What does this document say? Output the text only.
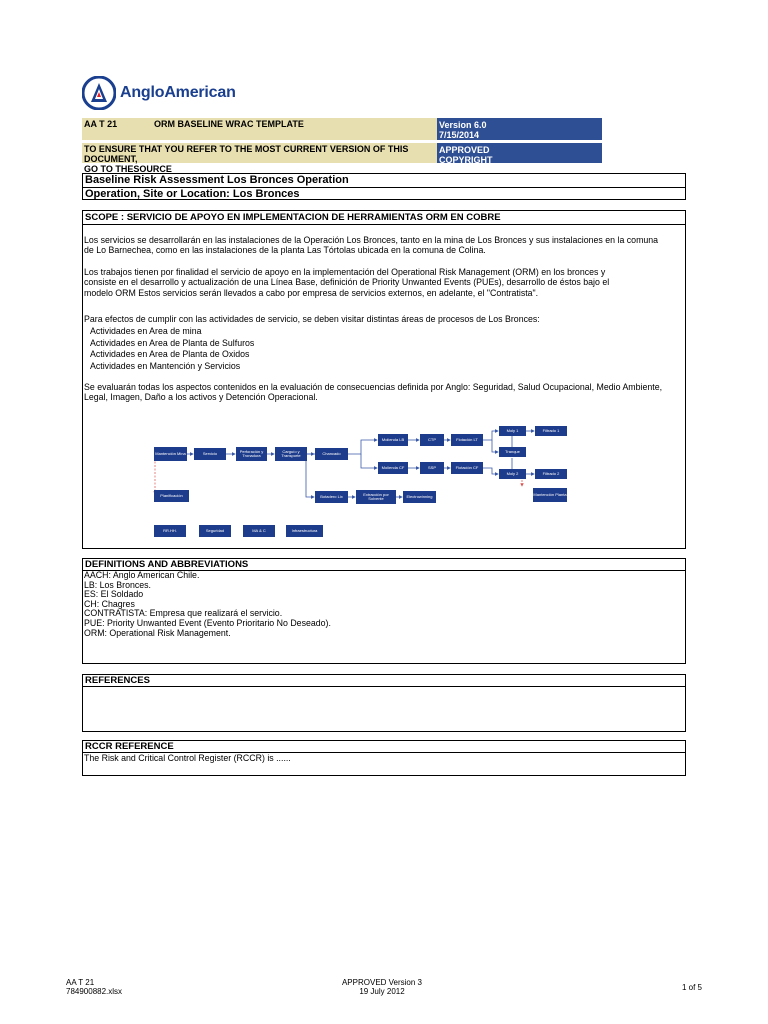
AngloAmerican
AA T 21	ORM BASELINE WRAC TEMPLATE	Version 6.0
7/15/2014
TO ENSURE THAT YOU REFER TO THE MOST CURRENT VERSION OF THIS DOCUMENT,
GO TO THESOURCE
APPROVED
COPYRIGHT
Baseline Risk Assessment Los Bronces Operation
Operation, Site or Location: Los Bronces
SCOPE : SERVICIO DE APOYO EN IMPLEMENTACION DE HERRAMIENTAS ORM EN COBRE
Los servicios se desarrollarán en las instalaciones de la Operación Los Bronces, tanto en la mina de Los Bronces y sus instalaciones en la comuna
de Lo Barnechea, como en las instalaciones de la planta Las Tórtolas ubicada en la comuna de Colina.
Los trabajos tienen por finalidad el servicio de apoyo en la implementación del Operational Risk Management (ORM) en los bronces y
consiste en el desarrollo y actualización de una Línea Base, definición de Priority Unwanted Events (PUEs), desarrollo de éstos bajo el
modelo ORM Estos servicios serán llevados a cabo por empresa de servicios externos, en adelante, el "Contratista".
Para efectos de cumplir con las actividades de servicio, se deben visitar distintas áreas de procesos de Los Bronces:
Actividades en Area de mina
Actividades en Area de Planta de Sulfuros
Actividades en Area de Planta de Oxidos
Actividades en Mantención y Servicios
Se evaluarán todas los aspectos contenidos en la evaluación de consecuencias definida por Anglo: Seguridad, Salud Ocupacional, Medio Ambiente,
Legal, Imagen, Daño a los activos y Detención Operacional.
Mantención Mina	Servicio	Perforación y Tronadura
Carguío y Transporte	Chancado
Molienda LB
Molienda CF
CTP
SSP
Flotación LT
Flotación CF
Moly 1	Filtrado 1
Tranque
Moly 2	Filtrado 2
Mantención Planta
Planificación	Botadero Lix	Extracción por Solvente	Electrowinning
RR.HH.	Seguridad	MA & C	Infraestructura
DEFINITIONS AND ABBREVIATIONS
AACH: Anglo American Chile.
LB: Los Bronces.
ES: El Soldado
CH: Chagres
CONTRATISTA: Empresa que realizará el servicio.
PUE: Priority Unwanted Event (Evento Prioritario No Deseado).
ORM: Operational Risk Management.
REFERENCES
RCCR REFERENCE
The Risk and Critical Control Register (RCCR) is ......
AA T 21
784900882.xlsx
APPROVED Version 3
19 July 2012	1 of 5
